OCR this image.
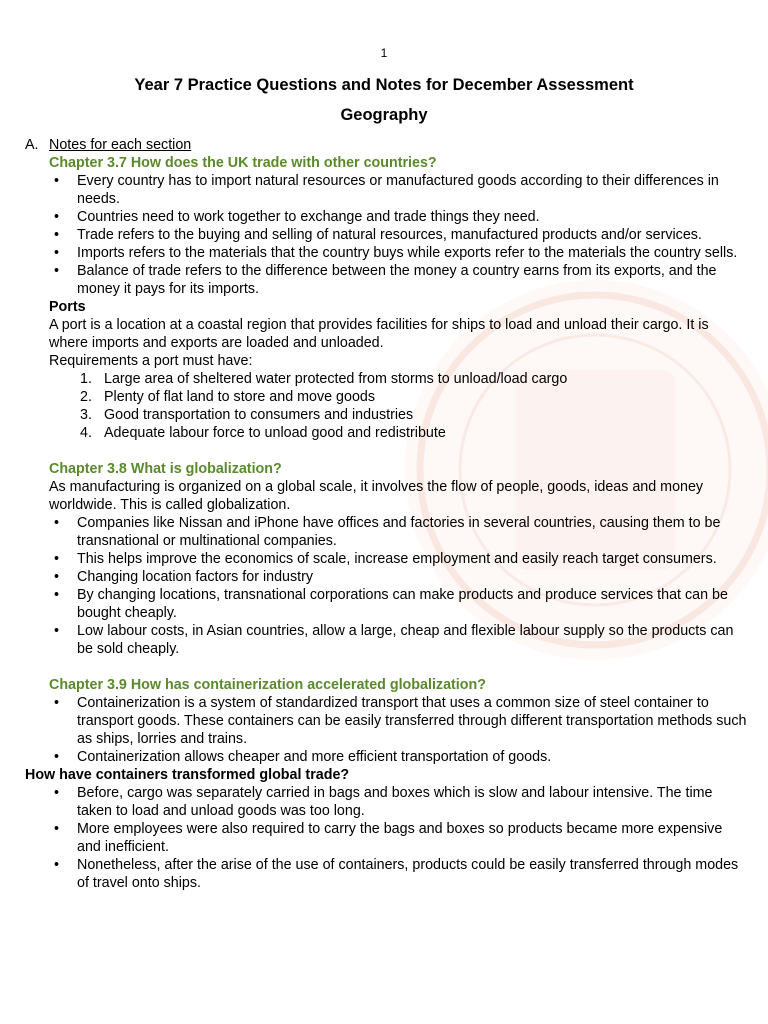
1
Year 7 Practice Questions and Notes for December Assessment
Geography
A. Notes for each section
Chapter 3.7 How does the UK trade with other countries?
• Every country has to import natural resources or manufactured goods according to their differences in needs.
• Countries need to work together to exchange and trade things they need.
• Trade refers to the buying and selling of natural resources, manufactured products and/or services.
• Imports refers to the materials that the country buys while exports refer to the materials the country sells.
• Balance of trade refers to the difference between the money a country earns from its exports, and the money it pays for its imports.
Ports
A port is a location at a coastal region that provides facilities for ships to load and unload their cargo. It is where imports and exports are loaded and unloaded.
Requirements a port must have:
1. Large area of sheltered water protected from storms to unload/load cargo
2. Plenty of flat land to store and move goods
3. Good transportation to consumers and industries
4. Adequate labour force to unload good and redistribute
Chapter 3.8 What is globalization?
As manufacturing is organized on a global scale, it involves the flow of people, goods, ideas and money worldwide. This is called globalization.
• Companies like Nissan and iPhone have offices and factories in several countries, causing them to be transnational or multinational companies.
• This helps improve the economics of scale, increase employment and easily reach target consumers.
• Changing location factors for industry
• By changing locations, transnational corporations can make products and produce services that can be bought cheaply.
• Low labour costs, in Asian countries, allow a large, cheap and flexible labour supply so the products can be sold cheaply.
Chapter 3.9 How has containerization accelerated globalization?
• Containerization is a system of standardized transport that uses a common size of steel container to transport goods. These containers can be easily transferred through different transportation methods such as ships, lorries and trains.
• Containerization allows cheaper and more efficient transportation of goods.
How have containers transformed global trade?
• Before, cargo was separately carried in bags and boxes which is slow and labour intensive. The time taken to load and unload goods was too long.
• More employees were also required to carry the bags and boxes so products became more expensive and inefficient.
• Nonetheless, after the arise of the use of containers, products could be easily transferred through modes of travel onto ships.
